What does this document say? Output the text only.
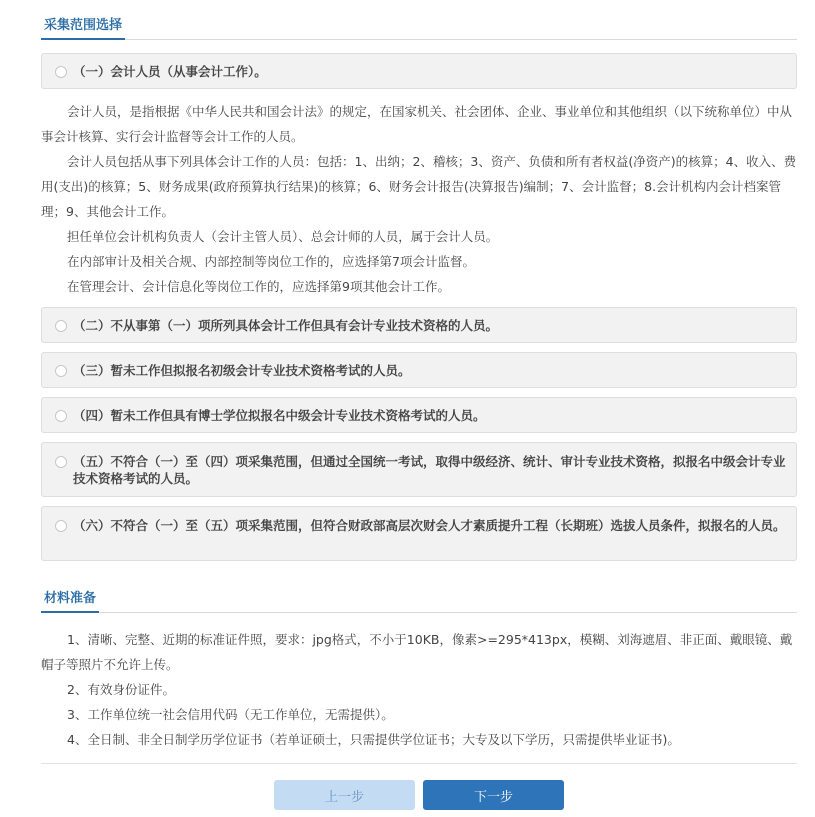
采集范围选择
（一）会计人员（从事会计工作）。

会计人员，是指根据《中华人民共和国会计法》的规定，在国家机关、社会团体、企业、事业单位和其他组织（以下统称单位）中从事会计核算、实行会计监督等会计工作的人员。

会计人员包括从事下列具体会计工作的人员：包括：1、出纳；2、稽核；3、资产、负债和所有者权益(净资产)的核算；4、收入、费用(支出)的核算；5、财务成果(政府预算执行结果)的核算；6、财务会计报告(决算报告)编制；7、会计监督；8.会计机构内会计档案管理；9、其他会计工作。

担任单位会计机构负责人（会计主管人员）、总会计师的人员，属于会计人员。

在内部审计及相关合规、内部控制等岗位工作的，应选择第7项会计监督。

在管理会计、会计信息化等岗位工作的，应选择第9项其他会计工作。

（二）不从事第（一）项所列具体会计工作但具有会计专业技术资格的人员。
（三）暂未工作但拟报名初级会计专业技术资格考试的人员。
（四）暂未工作但具有博士学位拟报名中级会计专业技术资格考试的人员。
（五）不符合（一）至（四）项采集范围，但通过全国统一考试，取得中级经济、统计、审计专业技术资格，拟报名中级会计专业技术资格考试的人员。
（六）不符合（一）至（五）项采集范围，但符合财政部高层次财会人才素质提升工程（长期班）选拔人员条件，拟报名的人员。
材料准备

1、清晰、完整、近期的标准证件照，要求：jpg格式，不小于10KB，像素>=295*413px，模糊、刘海遮眉、非正面、戴眼镜、戴帽子等照片不允许上传。

2、有效身份证件。

3、工作单位统一社会信用代码（无工作单位，无需提供）。

4、全日制、非全日制学历学位证书（若单证硕士，只需提供学位证书；大专及以下学历，只需提供毕业证书)。

上一步	下一步
